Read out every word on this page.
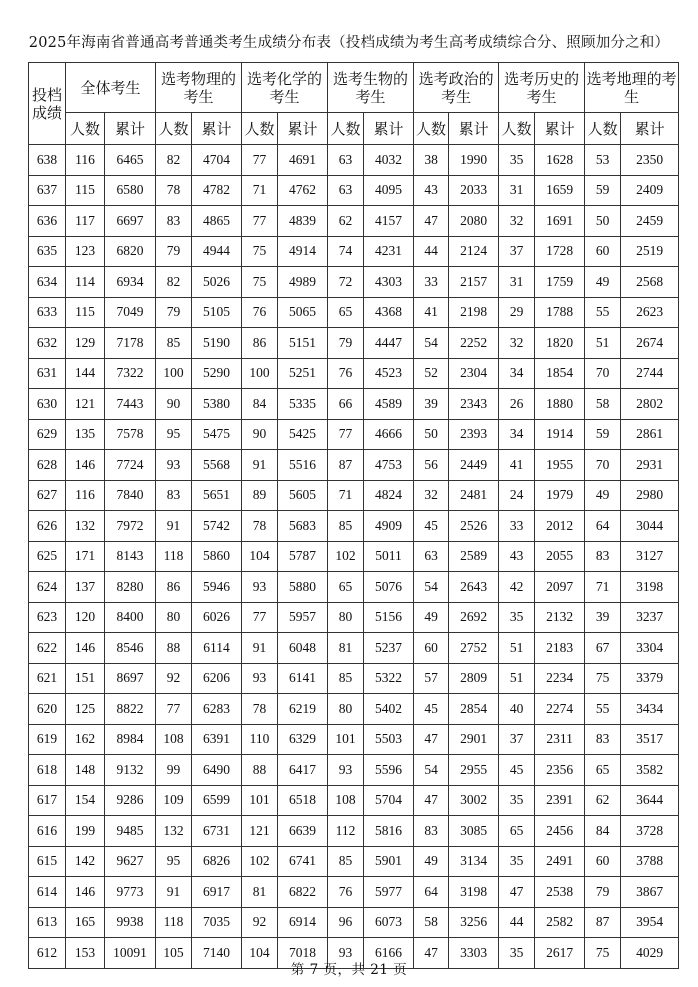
2025年海南省普通高考普通类考生成绩分布表（投档成绩为考生高考成绩综合分、照顾加分之和）
投档成绩	全体考生		选考物理的考生		选考化学的考生		选考生物的考生		选考政治的考生		选考历史的考生		选考地理的考生	
	人数	累计	人数	累计	人数	累计	人数	累计	人数	累计	人数	累计	人数	累计
638	116	6465	82	4704	77	4691	63	4032	38	1990	35	1628	53	2350
637	115	6580	78	4782	71	4762	63	4095	43	2033	31	1659	59	2409
636	117	6697	83	4865	77	4839	62	4157	47	2080	32	1691	50	2459
635	123	6820	79	4944	75	4914	74	4231	44	2124	37	1728	60	2519
634	114	6934	82	5026	75	4989	72	4303	33	2157	31	1759	49	2568
633	115	7049	79	5105	76	5065	65	4368	41	2198	29	1788	55	2623
632	129	7178	85	5190	86	5151	79	4447	54	2252	32	1820	51	2674
631	144	7322	100	5290	100	5251	76	4523	52	2304	34	1854	70	2744
630	121	7443	90	5380	84	5335	66	4589	39	2343	26	1880	58	2802
629	135	7578	95	5475	90	5425	77	4666	50	2393	34	1914	59	2861
628	146	7724	93	5568	91	5516	87	4753	56	2449	41	1955	70	2931
627	116	7840	83	5651	89	5605	71	4824	32	2481	24	1979	49	2980
626	132	7972	91	5742	78	5683	85	4909	45	2526	33	2012	64	3044
625	171	8143	118	5860	104	5787	102	5011	63	2589	43	2055	83	3127
624	137	8280	86	5946	93	5880	65	5076	54	2643	42	2097	71	3198
623	120	8400	80	6026	77	5957	80	5156	49	2692	35	2132	39	3237
622	146	8546	88	6114	91	6048	81	5237	60	2752	51	2183	67	3304
621	151	8697	92	6206	93	6141	85	5322	57	2809	51	2234	75	3379
620	125	8822	77	6283	78	6219	80	5402	45	2854	40	2274	55	3434
619	162	8984	108	6391	110	6329	101	5503	47	2901	37	2311	83	3517
618	148	9132	99	6490	88	6417	93	5596	54	2955	45	2356	65	3582
617	154	9286	109	6599	101	6518	108	5704	47	3002	35	2391	62	3644
616	199	9485	132	6731	121	6639	112	5816	83	3085	65	2456	84	3728
615	142	9627	95	6826	102	6741	85	5901	49	3134	35	2491	60	3788
614	146	9773	91	6917	81	6822	76	5977	64	3198	47	2538	79	3867
613	165	9938	118	7035	92	6914	96	6073	58	3256	44	2582	87	3954
612	153	10091	105	7140	104	7018	93	6166	47	3303	35	2617	75	4029
第 7 页，共 21 页
